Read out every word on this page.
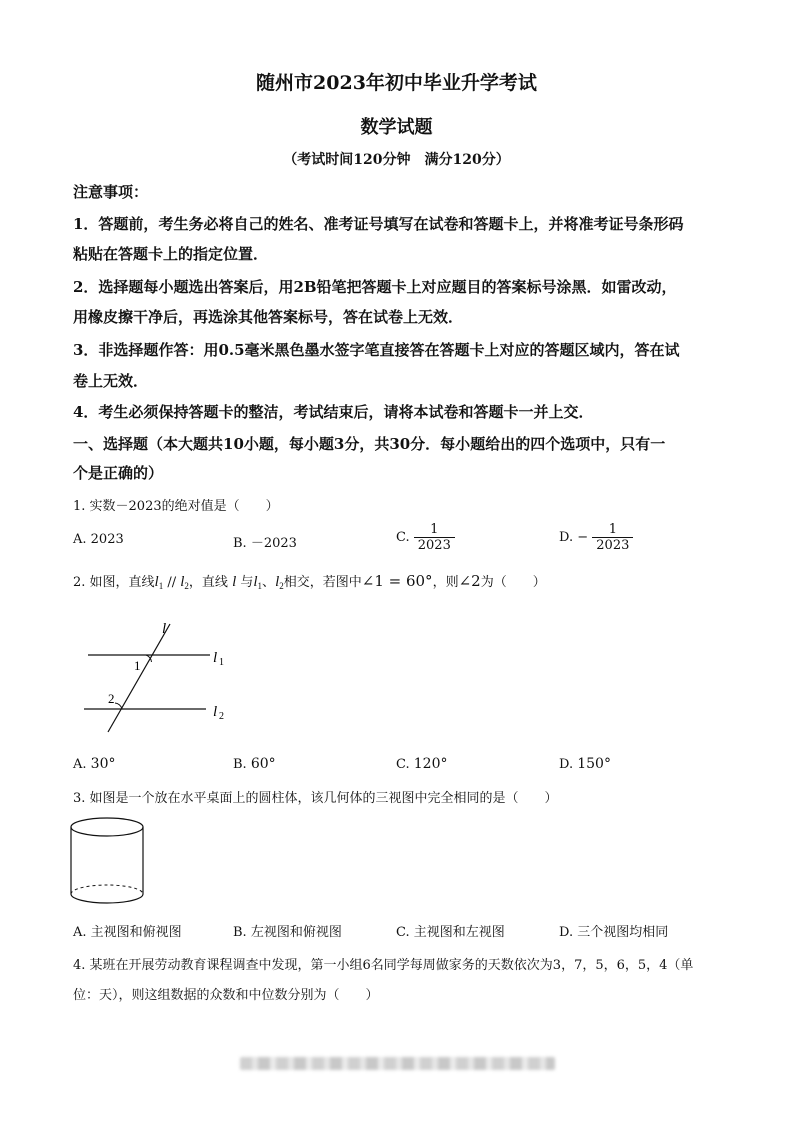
随州市2023年初中毕业升学考试
数学试题
（考试时间120分钟　满分120分）
注意事项：
1．答题前，考生务必将自己的姓名、准考证号填写在试卷和答题卡上，并将准考证号条形码
粘贴在答题卡上的指定位置．
2．选择题每小题选出答案后，用2B铅笔把答题卡上对应题目的答案标号涂黑．如雷改动，
用橡皮擦干净后，再选涂其他答案标号，答在试卷上无效．
3．非选择题作答：用0.5毫米黑色墨水签字笔直接答在答题卡上对应的答题区域内，答在试
卷上无效．
4．考生必须保持答题卡的整洁，考试结束后，请将本试卷和答题卡一并上交．
一、选择题（本大题共10小题，每小题3分，共30分．每小题给出的四个选项中，只有一
个是正确的）
1. 实数－2023的绝对值是（　　）
A. 2023	B. －2023	C. $\frac{1}{2023}$	D. − $\frac{1}{2023}$
2. 如图，直线$l_1 // l_2$，直线 l 与$l_1$、$l_2$相交，若图中∠1 = 60°，则∠2为（　　）
l
l 1
l 2
1
2
A. 30°	B. 60°	C. 120°	D. 150°
3. 如图是一个放在水平桌面上的圆柱体，该几何体的三视图中完全相同的是（　　）
A. 主视图和俯视图	B. 左视图和俯视图	C. 主视图和左视图	D. 三个视图均相同
4. 某班在开展劳动教育课程调查中发现，第一小组6名同学每周做家务的天数依次为3，7，5，6，5，4（单
位：天），则这组数据的众数和中位数分别为（　　）
